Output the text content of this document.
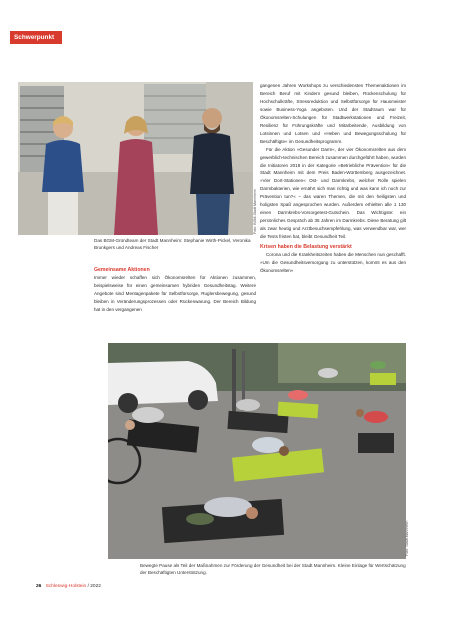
Schwerpunkt
Foto: BGM-Stadt Mannheim
Das BGM-Gründteam der Stadt Mannheim: Stephanie Wirth-Pickel, Veronika Brunkgers und Andreas Fischer
Gemeinsame Aktionen
Immer wieder schaffen sich Ökonomsrelten für Aktionen zusammen, beispielsweise für einen gemeinsamen hybriden Gesundheitstag. Weitere Angebote sind Mentagenpakete für Selbstfürsorge, Ruglersbewegung, gesund bleiben in Veränderungsprozessen oder Rückenwarung. Der Bereich Bildung hat in den vergangenen
gangenen Jahren Workshops zu verschiedensten Themenaktionen im Bereich Beruf mit Kindern gesund bleiben, Rückenschulung für Hochschulkräfte, Stressreduktion und Selbstfürsorge für Hausmeister sowie Business-Yoga angeboten. Und der Stadtraum war für Ökonomsrelten-Schulungen für Stadtwerkstationen und Freizeit, Resilienz für Führungskräfte und Mitarbeitende, Ausbildung von Lotsinnen und Lotsen und »Heben und Bewegungsschulung für Beschäftigte« im Gesundheitsprogramm.
Für die Aktion »Gesunder Darm«, der vier Ökonomsrelten aus dem gewerblich-technischen Bereich zusammen durchgeführt haben, wurden die Initiatoren 2018 in der Kategorie »Betriebliche Prävention« für die Stadt Mannheim mit dem Preis Baden-Württemberg ausgezeichnet. »Vier Dort-Stationen« Ost- und Darmkrebs, welcher Rolle spielen Darmbakterien, wie ernährt sich man richtig und was kann ich noch zur Prävention tun?« – das waren Themen, die mit den heiligsten und holigsten Spaß angesprochen wurden. Außerdem erhielten alle 1 130 einen Darmkrebs-Vorsorgetest-Gutschein. Das Wichtigste: ein persönliches Gespräch ab 35 Jahren im Darmkrebs. Diese Beratung gilt als zwar heutig und Arztbesuchsempfehlung, was verwendbar war, wer die Tests fristen hat, bleibt Gesundheit Teil.
Krisen haben die Belastung verstärkt
Corona und die Krankheitszeiten haben die Menschen nun geschafft. »Um die Gesundheitsversorgung zu unterstützen, kommt es aus den Ökonomsrelten«
Foto: Stadt Mannheim
Bewegte Pause als Teil der Maßnahmen zur Förderung der Gesundheit bei der Stadt Mannheim. Kleine Einlage für Wertschätzung der Beschäftigten Unterstützung.
26 Schleswig-Holstein / 2022
